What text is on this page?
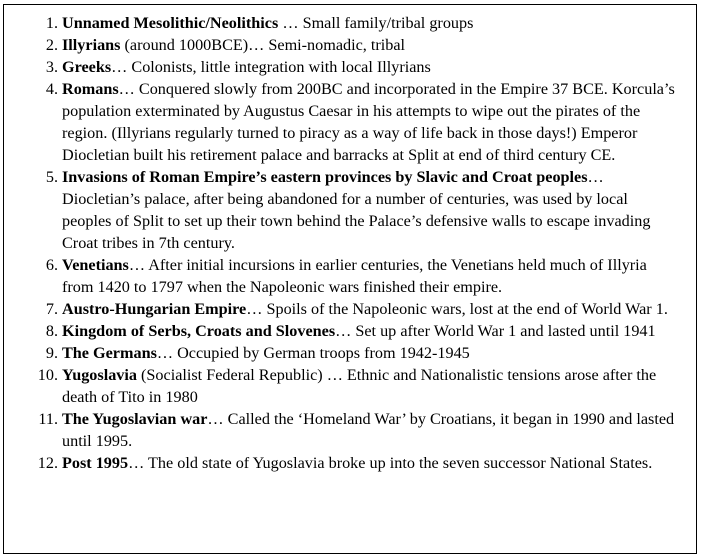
1. Unnamed Mesolithic/Neolithics … Small family/tribal groups
2. Illyrians (around 1000BCE)… Semi-nomadic, tribal
3. Greeks… Colonists, little integration with local Illyrians
4. Romans… Conquered slowly from 200BC and incorporated in the Empire 37 BCE. Korcula’s population exterminated by Augustus Caesar in his attempts to wipe out the pirates of the region. (Illyrians regularly turned to piracy as a way of life back in those days!) Emperor Diocletian built his retirement palace and barracks at Split at end of third century CE.
5. Invasions of Roman Empire’s eastern provinces by Slavic and Croat peoples… Diocletian’s palace, after being abandoned for a number of centuries, was used by local peoples of Split to set up their town behind the Palace’s defensive walls to escape invading Croat tribes in 7th century.
6. Venetians… After initial incursions in earlier centuries, the Venetians held much of Illyria from 1420 to 1797 when the Napoleonic wars finished their empire.
7. Austro-Hungarian Empire… Spoils of the Napoleonic wars, lost at the end of World War 1.
8. Kingdom of Serbs, Croats and Slovenes… Set up after World War 1 and lasted until 1941
9. The Germans… Occupied by German troops from 1942-1945
10. Yugoslavia (Socialist Federal Republic) … Ethnic and Nationalistic tensions arose after the death of Tito in 1980
11. The Yugoslavian war… Called the ‘Homeland War’ by Croatians, it began in 1990 and lasted until 1995.
12. Post 1995… The old state of Yugoslavia broke up into the seven successor National States.
